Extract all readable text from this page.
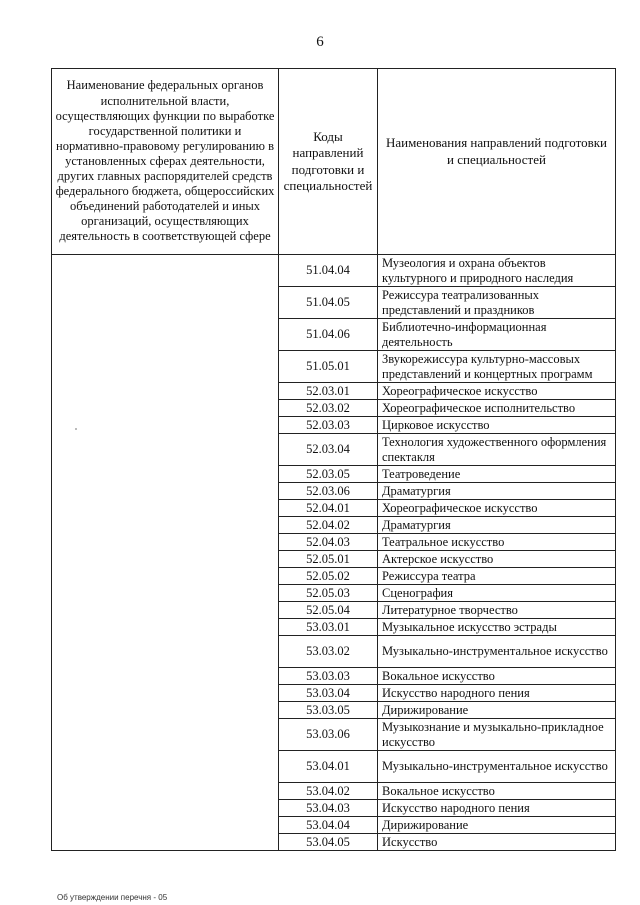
6
Наименование федеральных органов исполнительной власти, осуществляющих функции по выработке государственной политики и нормативно-правовому регулированию в установленных сферах деятельности, других главных распорядителей средств федерального бюджета, общероссийских объединений работодателей и иных организаций, осуществляющих деятельность в соответствующей сфере	Коды направлений подготовки и специальностей	Наименования направлений подготовки и специальностей

	51.04.04	Музеология и охрана объектов культурного и природного наследия
	51.04.05	Режиссура театрализованных представлений и праздников
	51.04.06	Библиотечно-информационная деятельность
	51.05.01	Звукорежиссура культурно-массовых представлений и концертных программ
	52.03.01	Хореографическое искусство
	52.03.02	Хореографическое исполнительство
	52.03.03	Цирковое искусство
	52.03.04	Технология художественного оформления спектакля
	52.03.05	Театроведение
	52.03.06	Драматургия
	52.04.01	Хореографическое искусство
	52.04.02	Драматургия
	52.04.03	Театральное искусство
	52.05.01	Актерское искусство
	52.05.02	Режиссура театра
	52.05.03	Сценография
	52.05.04	Литературное творчество
	53.03.01	Музыкальное искусство эстрады
	53.03.02	Музыкально-инструментальное искусство
	53.03.03	Вокальное искусство
	53.03.04	Искусство народного пения
	53.03.05	Дирижирование
	53.03.06	Музыкознание и музыкально-прикладное искусство
	53.04.01	Музыкально-инструментальное искусство
	53.04.02	Вокальное искусство
	53.04.03	Искусство народного пения
	53.04.04	Дирижирование
	53.04.05	Искусство
Об утверждении перечня - 05
